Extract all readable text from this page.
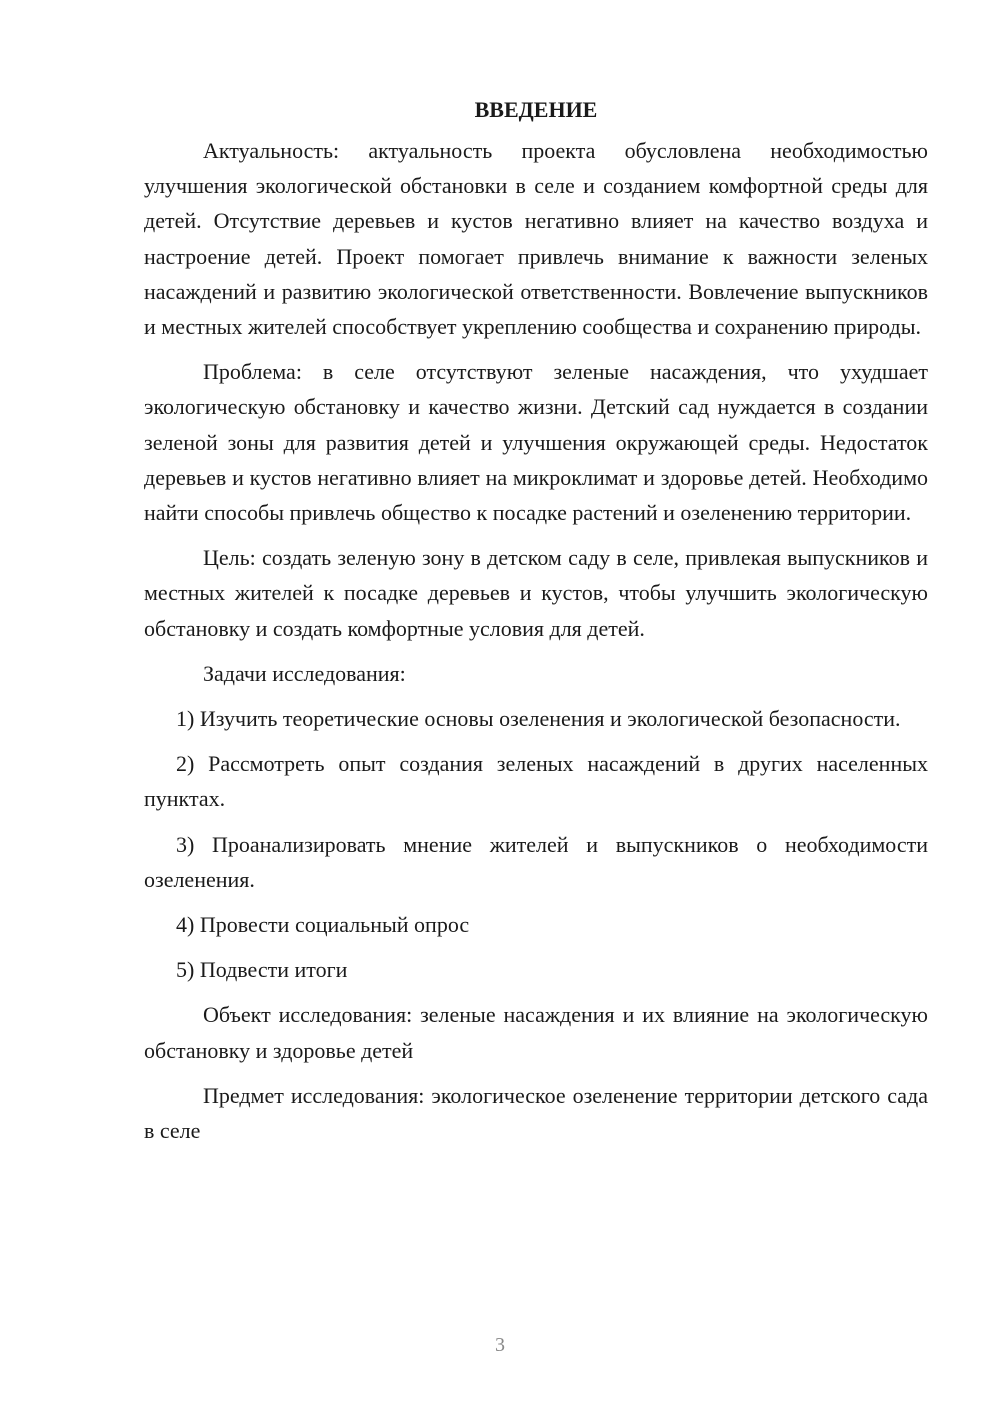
ВВЕДЕНИЕ

Актуальность: актуальность проекта обусловлена необходимостью улучшения экологической обстановки в селе и созданием комфортной среды для детей. Отсутствие деревьев и кустов негативно влияет на качество воздуха и настроение детей. Проект помогает привлечь внимание к важности зеленых насаждений и развитию экологической ответственности. Вовлечение выпускников и местных жителей способствует укреплению сообщества и сохранению природы.

Проблема: в селе отсутствуют зеленые насаждения, что ухудшает экологическую обстановку и качество жизни. Детский сад нуждается в создании зеленой зоны для развития детей и улучшения окружающей среды. Недостаток деревьев и кустов негативно влияет на микроклимат и здоровье детей. Необходимо найти способы привлечь общество к посадке растений и озеленению территории.

Цель: создать зеленую зону в детском саду в селе, привлекая выпускников и местных жителей к посадке деревьев и кустов, чтобы улучшить экологическую обстановку и создать комфортные условия для детей.

Задачи исследования:

1) Изучить теоретические основы озеленения и экологической безопасности.

2) Рассмотреть опыт создания зеленых насаждений в других населенных пунктах.

3) Проанализировать мнение жителей и выпускников о необходимости озеленения.

4) Провести социальный опрос

5) Подвести итоги

Объект исследования: зеленые насаждения и их влияние на экологическую обстановку и здоровье детей

Предмет исследования: экологическое озеленение территории детского сада в селе

3
